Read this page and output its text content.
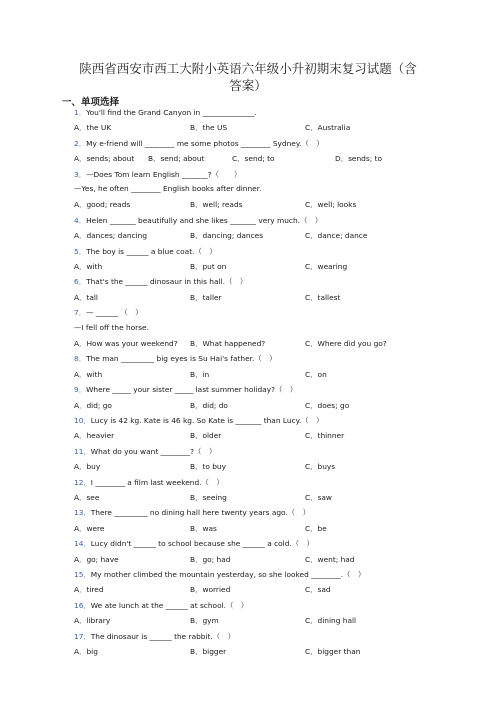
陕西省西安市西工大附小英语六年级小升初期末复习试题（含
答案）
一、单项选择
1．You'll find the Grand Canyon in ______________.
A．the UK	B．the US	C．Australia
2．My e-friend will ________ me some photos ________ Sydney.（　）
A．sends; about B．send; about	C．send; to	D．sends; to
3．—Does Tom learn English _______?（　　）
—Yes, he often ________ English books after dinner.
A．good; reads	B．well; reads	C．well; looks
4．Helen _______ beautifully and she likes _______ very much.（　）
A．dances; dancing	B．dancing; dances	C．dance; dance
5．The boy is ______ a blue coat.（　）
A．with	B．put on	C．wearing
6．That's the ______ dinosaur in this hall.（　）
A．tall	B．taller	C．tallest
7．— ______ （　）
—I fell off the horse.
A．How was your weekend? B．What happened?	C．Where did you go?
8．The man _________ big eyes is Su Hai's father.（　）
A．with	B．in	C．on
9．Where _____ your sister _____ last summer holiday?（　）
A．did; go	B．did; do	C．does; go
10．Lucy is 42 kg. Kate is 46 kg. So Kate is _______ than Lucy.（　）
A．heavier	B．older	C．thinner
11．What do you want ________?（　）
A．buy	B．to buy	C．buys
12．I ________ a film last weekend.（　）
A．see	B．seeing	C．saw
13．There _________ no dining hall here twenty years ago.（　）
A．were	B．was	C．be
14．Lucy didn't ______ to school because she ______ a cold.（　）
A．go; have	B．go; had	C．went; had
15．My mother climbed the mountain yesterday, so she looked ________.（　）
A．tired	B．worried	C．sad
16．We ate lunch at the ______ at school.（　）
A．library	B．gym	C．dining hall
17．The dinosaur is ______ the rabbit.（　）
A．big	B．bigger	C．bigger than
